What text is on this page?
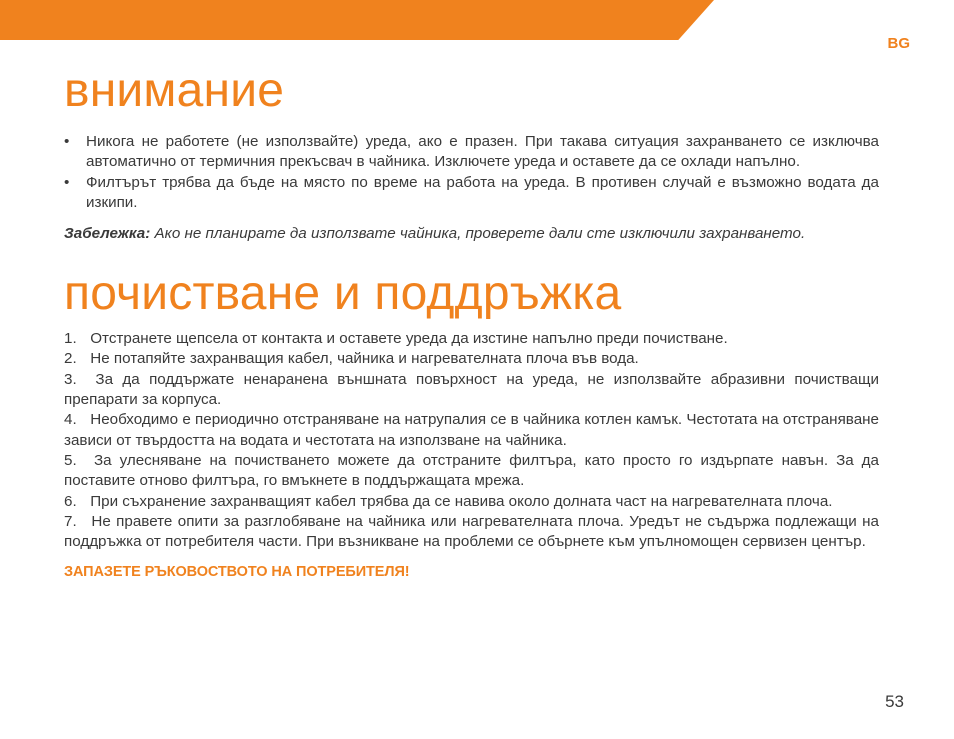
BG
внимание
• Никога не работете (не използвайте) уреда, ако е празен. При такава ситуация захранването се изключва автоматично от термичния прекъсвач в чайника. Изключете уреда и оставете да се охлади напълно.
• Филтърът трябва да бъде на място по време на работа на уреда. В противен случай е възможно водата да изкипи.
Забележка: Ако не планирате да използвате чайника, проверете дали сте изключили захранването.
почистване и поддръжка
1. Отстранете щепсела от контакта и оставете уреда да изстине напълно преди почистване.
2. Не потапяйте захранващия кабел, чайника и нагревателната плоча във вода.
3. За да поддържате ненаранена външната повърхност на уреда, не използвайте абразивни почистващи препарати за корпуса.
4. Необходимо е периодично отстраняване на натрупалия се в чайника котлен камък. Честотата на отстраняване зависи от твърдостта на водата и честотата на използване на чайника.
5. За улесняване на почистването можете да отстраните филтъра, като просто го издърпате навън. За да поставите отново филтъра, го вмъкнете в поддържащата мрежа.
6. При съхранение захранващият кабел трябва да се навива около долната част на нагревателната плоча.
7. Не правете опити за разглобяване на чайника или нагревателната плоча. Уредът не съдържа подлежащи на поддръжка от потребителя части. При възникване на проблеми се обърнете към упълномощен сервизен център.
ЗАПАЗЕТЕ РЪКОВОСТВОТО НА ПОТРЕБИТЕЛЯ!
53
